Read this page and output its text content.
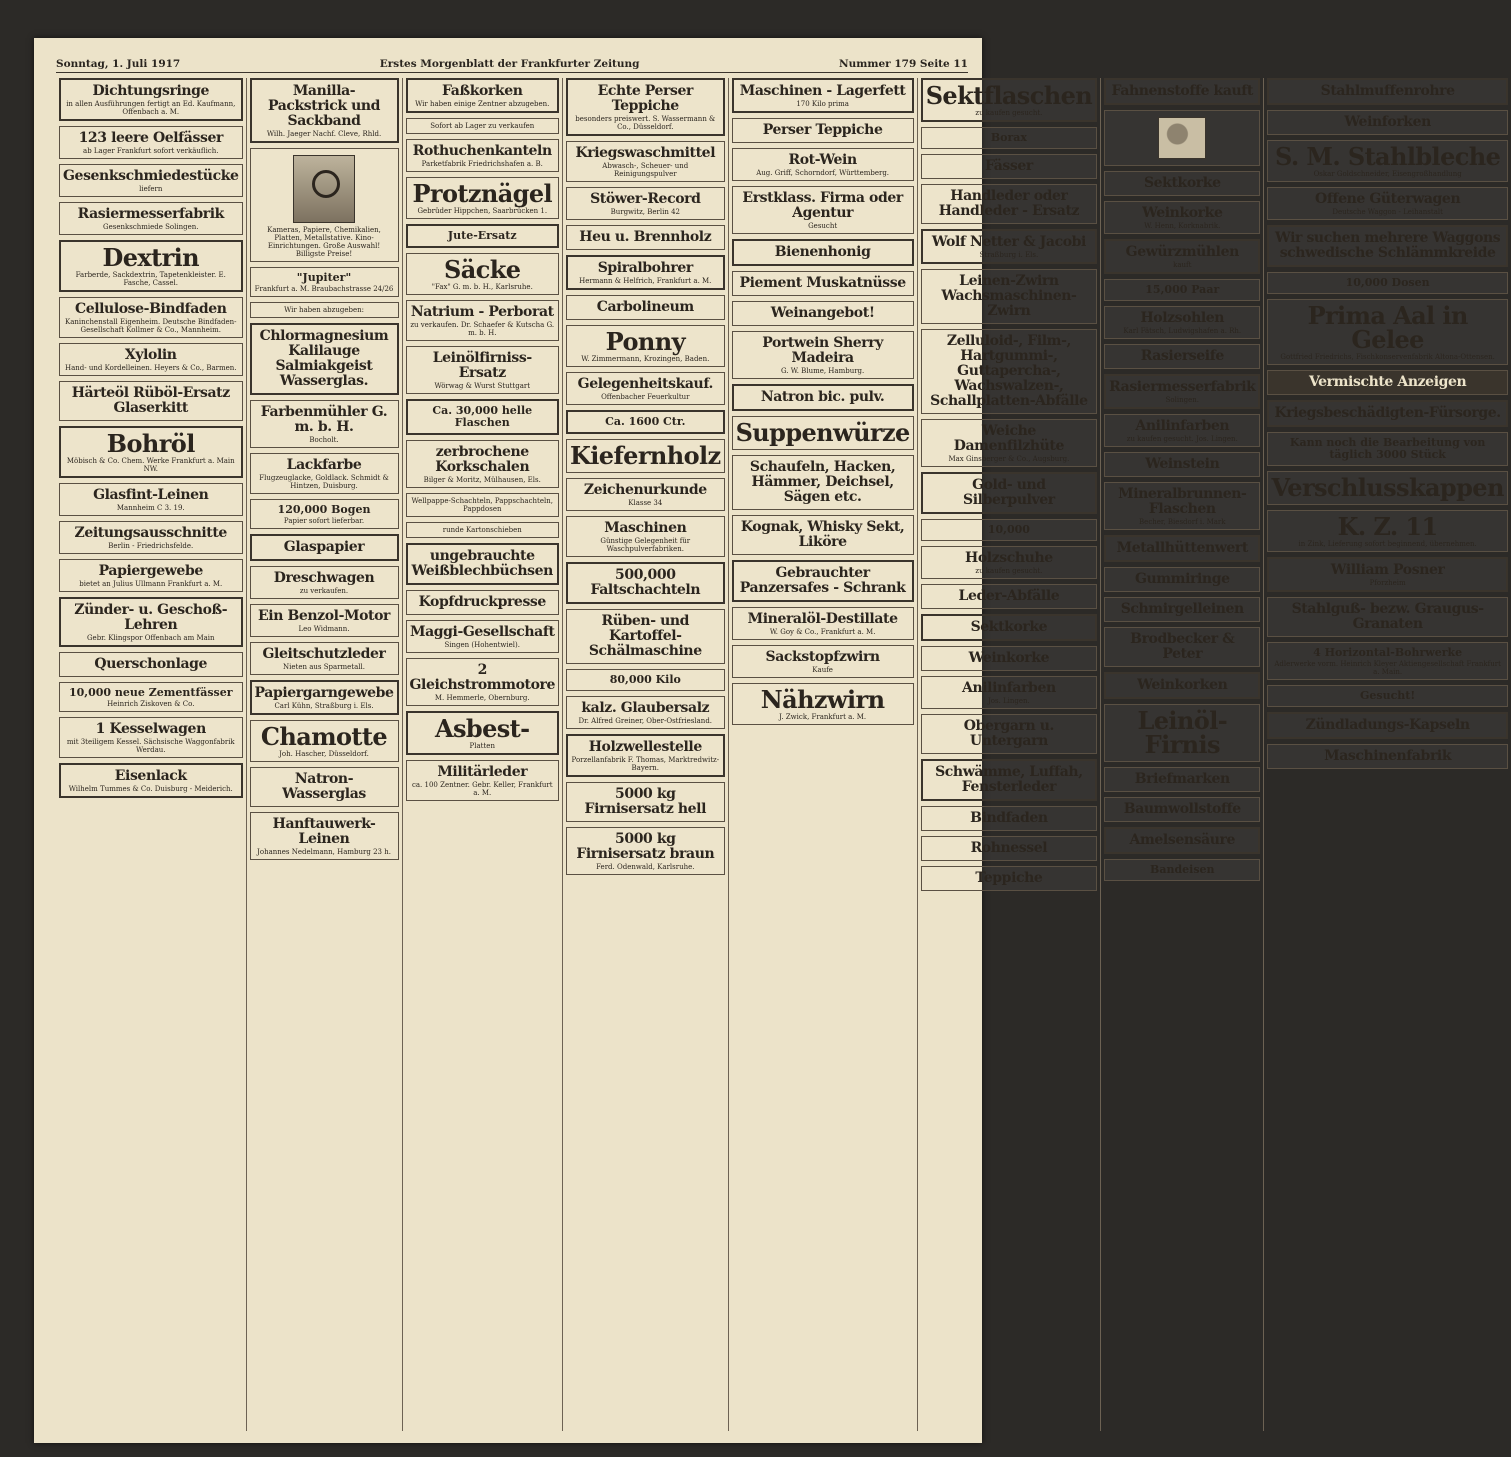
Sonntag, 1. Juli 1917	Erstes Morgenblatt der Frankfurter Zeitung	Nummer 179 Seite 11
Dichtungsringe
in allen Ausführungen fertigt an Ed. Kaufmann, Offenbach a. M.
123 leere Oelfässer
ab Lager Frankfurt sofort verkäuflich.
Gesenkschmiedestücke
liefern
Rasiermesserfabrik
Gesenkschmiede Solingen.
Dextrin
Farberde, Sackdextrin, Tapetenkleister. E. Fasche, Cassel.
Cellulose-Bindfaden
Kaninchenstall Eigenheim. Deutsche Bindfaden-Gesellschaft Kollmer & Co., Mannheim.
Xylolin
Hand- und Kordelleinen. Heyers & Co., Barmen.
Härteöl Rüböl-Ersatz Glaserkitt
Bohröl
Möbisch & Co. Chem. Werke Frankfurt a. Main NW.
Glasfint-Leinen
Mannheim C 3. 19.
Zeitungsausschnitte
Berlin - Friedrichsfelde.
Papiergewebe
bietet an Julius Ullmann Frankfurt a. M.
Zünder- u. Geschoß-Lehren
Gebr. Klingspor Offenbach am Main
Querschonlage
10,000 neue Zementfässer
Heinrich Ziskoven & Co.
1 Kesselwagen
mit 3teiligem Kessel. Sächsische Waggonfabrik Werdau.
Eisenlack
Wilhelm Tummes & Co. Duisburg - Meiderich.
Manilla-Packstrick und Sackband
Wilh. Jaeger Nachf. Cleve, Rhld.
Kameras, Papiere, Chemikalien, Platten, Metallstative. Kino-Einrichtungen. Große Auswahl! Billigste Preise!
"Jupiter"
Frankfurt a. M. Braubachstrasse 24/26
Wir haben abzugeben:
Chlormagnesium Kalilauge Salmiakgeist Wasserglas.
Farbenmühler G. m. b. H.
Bocholt.
Lackfarbe
Flugzeuglacke, Goldlack. Schmidt & Hintzen, Duisburg.
120,000 Bogen
Papier sofort lieferbar.
Glaspapier
Dreschwagen
zu verkaufen.
Ein Benzol-Motor
Leo Widmann.
Gleitschutzleder
Nieten aus Sparmetall.
Papiergarngewebe
Carl Kühn, Straßburg i. Els.
Chamotte
Joh. Hascher, Düsseldorf.
Natron-Wasserglas
Hanftauwerk-Leinen
Johannes Nedelmann, Hamburg 23 h.
Faßkorken
Wir haben einige Zentner abzugeben.
Sofort ab Lager zu verkaufen
Rothuchenkanteln
Parketfabrik Friedrichshafen a. B.
Protznägel
Gebrüder Hippchen, Saarbrücken 1.
Jute-Ersatz
Säcke
"Fax" G. m. b. H., Karlsruhe.
Natrium - Perborat
zu verkaufen. Dr. Schaefer & Kutscha G. m. b. H.
Leinölfirniss-Ersatz
Wörwag & Wurst Stuttgart
Ca. 30,000 helle Flaschen
zerbrochene Korkschalen
Bilger & Moritz, Mülhausen, Els.
Wellpappe-Schachteln, Pappschachteln, Pappdosen
runde Kartonschieben
ungebrauchte Weißblechbüchsen
Kopfdruckpresse
Maggi-Gesellschaft
Singen (Hohentwiel).
2 Gleichstrommotore
M. Hemmerle, Obernburg.
Asbest-
Platten
Militärleder
ca. 100 Zentner. Gebr. Keller, Frankfurt a. M.
Echte Perser Teppiche
besonders preiswert. S. Wassermann & Co., Düsseldorf.
Kriegswaschmittel
Abwasch-, Scheuer- und Reinigungspulver
Stöwer-Record
Burgwitz, Berlin 42
Heu u. Brennholz
Spiralbohrer
Hermann & Helfrich, Frankfurt a. M.
Carbolineum
Ponny
W. Zimmermann, Krozingen, Baden.
Gelegenheitskauf.
Offenbacher Feuerkultur
Ca. 1600 Ctr.
Kiefernholz
Zeichenurkunde
Klasse 34
Maschinen
Günstige Gelegenheit für Waschpulverfabriken.
500,000 Faltschachteln
Rüben- und Kartoffel-Schälmaschine
80,000 Kilo
kalz. Glaubersalz
Dr. Alfred Greiner, Ober-Ostfriesland.
Holzwellestelle
Porzellanfabrik F. Thomas, Marktredwitz-Bayern.
5000 kg Firnisersatz hell
5000 kg Firnisersatz braun
Ferd. Odenwald, Karlsruhe.
Maschinen - Lagerfett
170 Kilo prima
Perser Teppiche
Rot-Wein
Aug. Griff, Schorndorf, Württemberg.
Erstklass. Firma oder Agentur
Gesucht
Bienenhonig
Piement Muskatnüsse
Weinangebot!
Portwein Sherry Madeira
G. W. Blume, Hamburg.
Natron bic. pulv.
Suppenwürze
Schaufeln, Hacken, Hämmer, Deichsel, Sägen etc.
Kognak, Whisky Sekt, Liköre
Gebrauchter Panzersafes - Schrank
Mineralöl-Destillate
W. Goy & Co., Frankfurt a. M.
Sackstopfzwirn
Kaufe
Nähzwirn
J. Zwick, Frankfurt a. M.
Sektflaschen
zu kaufen gesucht.
Borax
Fässer
Handleder oder Handleder - Ersatz
Wolf Netter & Jacobi
Straßburg i. Els.
Leinen-Zwirn Wachsmaschinen-Zwirn
Zelluloid-, Film-, Hartgummi-, Guttapercha-, Wachswalzen-, Schallplatten-Abfälle
Weiche Damenfilzhüte
Max Ginsberger & Co., Augsburg.
Gold- und Silberpulver
10,000
Holzschuhe
zu kaufen gesucht.
Leder-Abfälle
Sektkorke
Weinkorke
Anilinfarben
Jos. Lingen.
Obergarn u. Untergarn
Schwämme, Luffah, Fensterleder
Bindfaden
Rohnessel
Teppiche
Fahnenstoffe kauft
Sektkorke
Weinkorke
W. Henn, Korknabrik.
Gewürzmühlen
kauft
15,000 Paar
Holzsohlen
Karl Fätsch, Ludwigshafen a. Rh.
Rasierseife
Rasiermesserfabrik
Solingen.
Anilinfarben
zu kaufen gesucht. Jos. Lingen.
Weinstein
Mineralbrunnen-Flaschen
Becher, Biesdorf i. Mark
Metallhüttenwert
Gummiringe
Schmirgelleinen
Brodbecker & Peter
Weinkorken
Leinöl-Firnis
Briefmarken
Baumwollstoffe
Amelsensäure
Bandeisen
Stahlmuffenrohre
Weinforken
S. M. Stahlbleche
Oskar Goldschneider, Eisengroßhandlung
Offene Güterwagen
Deutsche Waggon - Leihanstalt
Wir suchen mehrere Waggons schwedische Schlämmkreide
10,000 Dosen
Prima Aal in Gelee
Gottfried Friedrichs, Fischkonservenfabrik Altona-Ottensen.
Vermischte Anzeigen
Kriegsbeschädigten-Fürsorge.
Kann noch die Bearbeitung von täglich 3000 Stück
Verschlusskappen
K. Z. 11
in Zink, Lieferung sofort beginnend, übernehmen.
William Posner
Pforzheim
Stahlguß- bezw. Graugus-Granaten
4 Horizontal-Bohrwerke
Adlerwerke vorm. Heinrich Kleyer Aktiengesellschaft Frankfurt a. Main.
Gesucht!
Zündladungs-Kapseln
Maschinenfabrik
